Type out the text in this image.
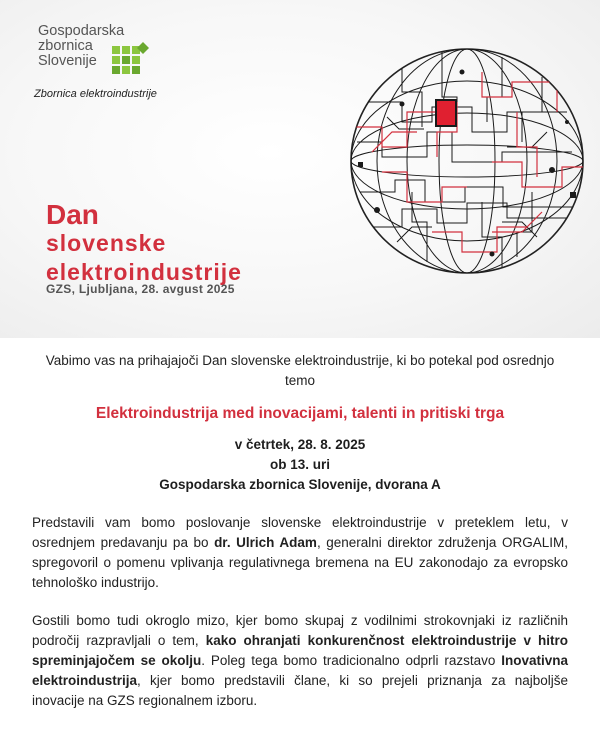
Gospodarska
zbornica
Slovenije
Zbornica elektroindustrije
Dan
slovenske
elektroindustrije
GZS, Ljubljana, 28. avgust 2025
Vabimo vas na prihajajoči Dan slovenske elektroindustrije, ki bo potekal pod osrednjo temo
Elektroindustrija med inovacijami, talenti in pritiski trga
v četrtek, 28. 8. 2025
ob 13. uri
Gospodarska zbornica Slovenije, dvorana A
Predstavili vam bomo poslovanje slovenske elektroindustrije v preteklem letu, v osrednjem predavanju pa bo dr. Ulrich Adam, generalni direktor združenja ORGALIM, spregovoril o pomenu vplivanja regulativnega bremena na EU zakonodajo za evropsko tehnološko industrijo.
Gostili bomo tudi okroglo mizo, kjer bomo skupaj z vodilnimi strokovnjaki iz različnih področij razpravljali o tem, kako ohranjati konkurenčnost elektroindustrije v hitro spreminjajočem se okolju. Poleg tega bomo tradicionalno odprli razstavo Inovativna elektroindustrija, kjer bomo predstavili člane, ki so prejeli priznanja za najboljše inovacije na GZS regionalnem izboru.
